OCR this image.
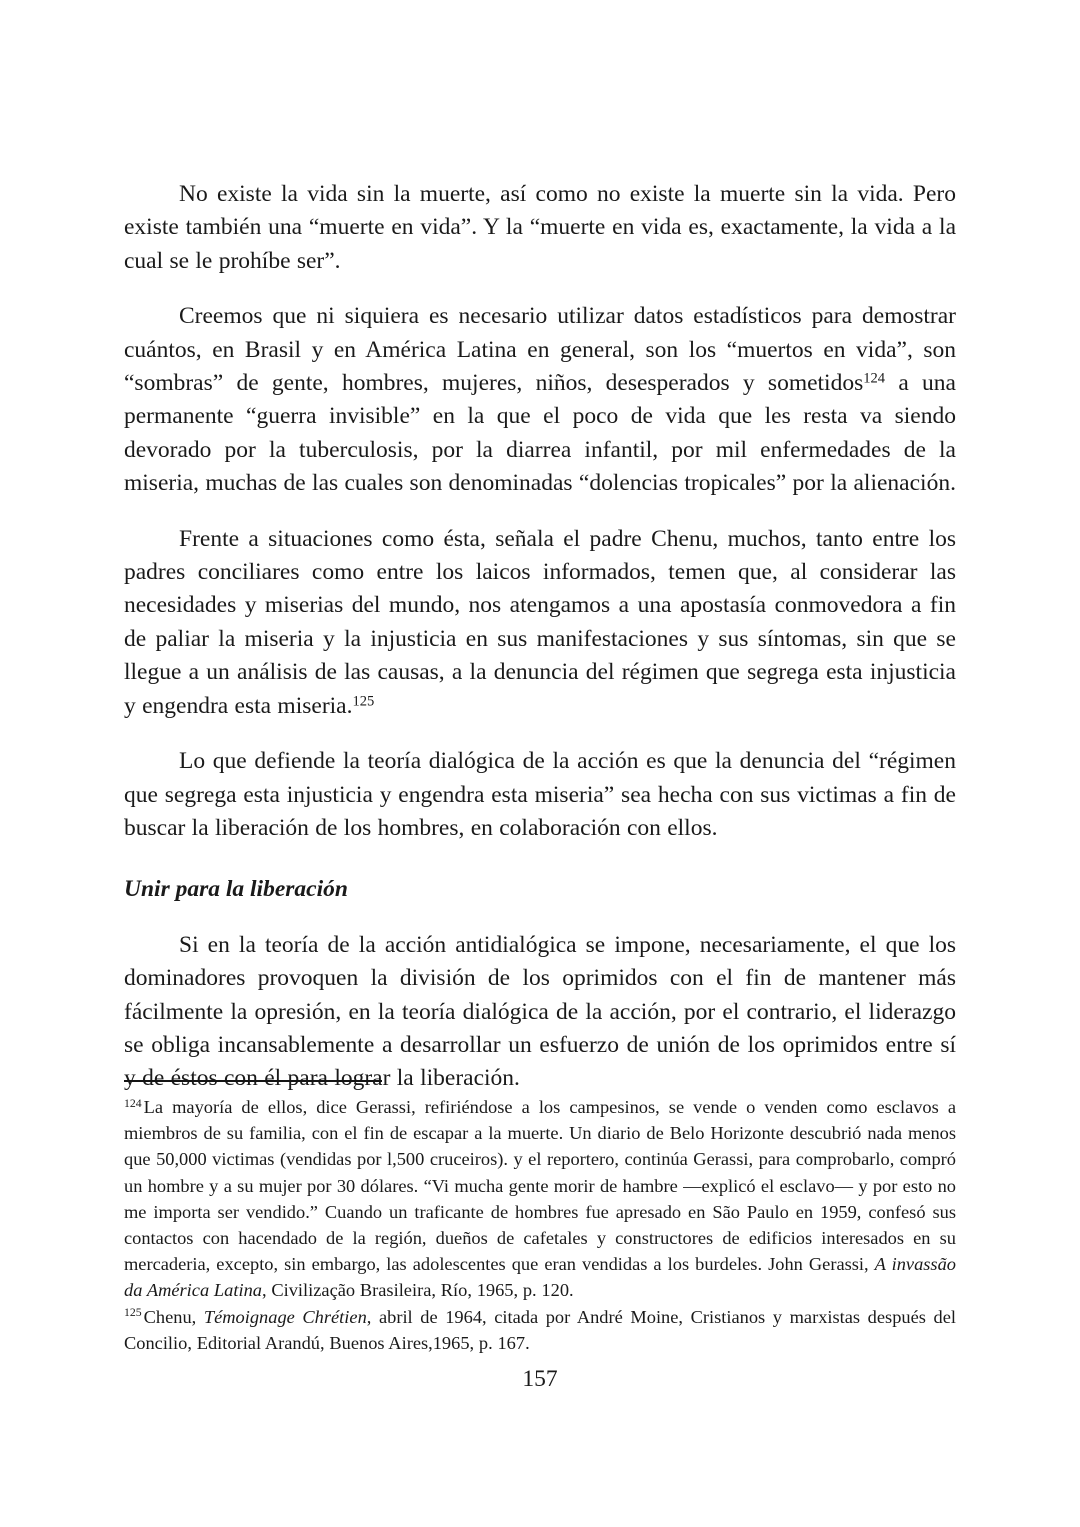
No existe la vida sin la muerte, así como no existe la muerte sin la vida. Pero existe también una “muerte en vida”. Y la “muerte en vida es, exactamente, la vida a la cual se le prohíbe ser”.

Creemos que ni siquiera es necesario utilizar datos estadísticos para demostrar cuántos, en Brasil y en América Latina en general, son los “muertos en vida”, son “sombras” de gente, hombres, mujeres, niños, desesperados y sometidos$^{124}$ a una permanente “guerra invisible” en la que el poco de vida que les resta va siendo devorado por la tuberculosis, por la diarrea infantil, por mil enfermedades de la miseria, muchas de las cuales son denominadas “dolencias tropicales” por la alienación.

Frente a situaciones como ésta, señala el padre Chenu, muchos, tanto entre los padres conciliares como entre los laicos informados, temen que, al considerar las necesidades y miserias del mundo, nos atengamos a una apostasía conmovedora a fin de paliar la miseria y la injusticia en sus manifestaciones y sus síntomas, sin que se llegue a un análisis de las causas, a la denuncia del régimen que segrega esta injusticia y engendra esta miseria.$^{125}$

Lo que defiende la teoría dialógica de la acción es que la denuncia del “régimen que segrega esta injusticia y engendra esta miseria” sea hecha con sus victimas a fin de buscar la liberación de los hombres, en colaboración con ellos.

Unir para la liberación

Si en la teoría de la acción antidialógica se impone, necesariamente, el que los dominadores provoquen la división de los oprimidos con el fin de mantener más fácilmente la opresión, en la teoría dialógica de la acción, por el contrario, el liderazgo se obliga incansablemente a desarrollar un esfuerzo de unión de los oprimidos entre sí y de éstos con él para lograr la liberación.

$^{124}$ La mayoría de ellos, dice Gerassi, refiriéndose a los campesinos, se vende o venden como esclavos a miembros de su familia, con el fin de escapar a la muerte. Un diario de Belo Horizonte descubrió nada menos que 50,000 victimas (vendidas por l,500 cruceiros). y el reportero, continúa Gerassi, para comprobarlo, compró un hombre y a su mujer por 30 dólares. “Vi mucha gente morir de hambre —explicó el esclavo— y por esto no me importa ser vendido.” Cuando un traficante de hombres fue apresado en São Paulo en 1959, confesó sus contactos con hacendado de la región, dueños de cafetales y constructores de edificios interesados en su mercaderia, excepto, sin embargo, las adolescentes que eran vendidas a los burdeles. John Gerassi, A invassão da América Latina, Civilização Brasileira, Río, 1965, p. 120.

$^{125}$ Chenu, Témoignage Chrétien, abril de 1964, citada por André Moine, Cristianos y marxistas después del Concilio, Editorial Arandú, Buenos Aires,1965, p. 167.

157
